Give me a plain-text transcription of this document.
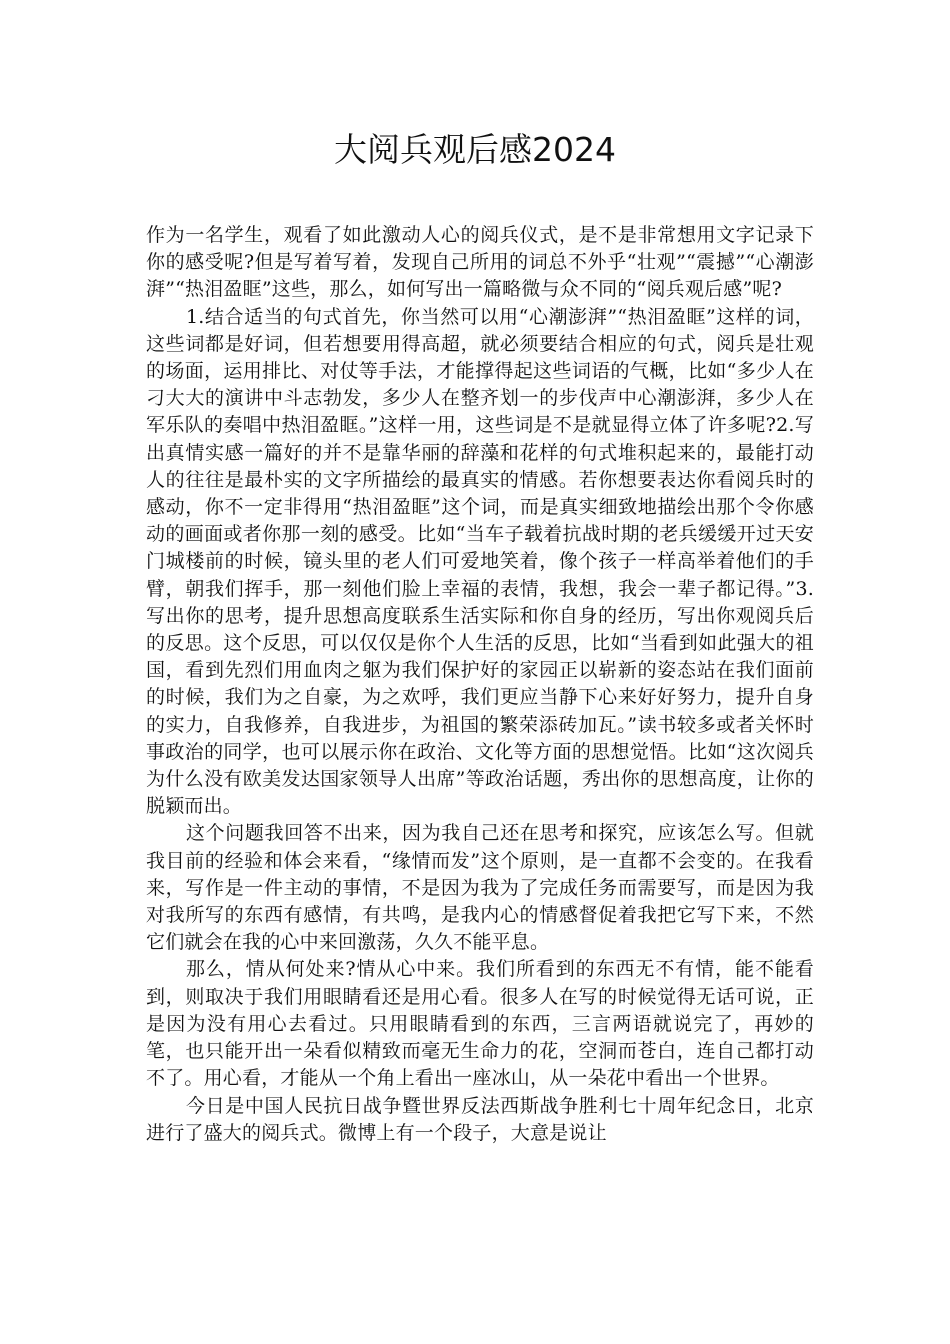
大阅兵观后感2024

作为一名学生，观看了如此激动人心的阅兵仪式，是不是非常想用文字记录下你的感受呢?但是写着写着，发现自己所用的词总不外乎“壮观”“震撼”“心潮澎湃”“热泪盈眶”这些，那么，如何写出一篇略微与众不同的“阅兵观后感”呢?

1.结合适当的句式首先，你当然可以用“心潮澎湃”“热泪盈眶”这样的词，这些词都是好词，但若想要用得高超，就必须要结合相应的句式，阅兵是壮观的场面，运用排比、对仗等手法，才能撑得起这些词语的气概，比如“多少人在刁大大的演讲中斗志勃发，多少人在整齐划一的步伐声中心潮澎湃，多少人在军乐队的奏唱中热泪盈眶。”这样一用，这些词是不是就显得立体了许多呢?2.写出真情实感一篇好的并不是靠华丽的辞藻和花样的句式堆积起来的，最能打动人的往往是最朴实的文字所描绘的最真实的情感。若你想要表达你看阅兵时的感动，你不一定非得用“热泪盈眶”这个词，而是真实细致地描绘出那个令你感动的画面或者你那一刻的感受。比如“当车子载着抗战时期的老兵缓缓开过天安门城楼前的时候，镜头里的老人们可爱地笑着，像个孩子一样高举着他们的手臂，朝我们挥手，那一刻他们脸上幸福的表情，我想，我会一辈子都记得。”3.写出你的思考，提升思想高度联系生活实际和你自身的经历，写出你观阅兵后的反思。这个反思，可以仅仅是你个人生活的反思，比如“当看到如此强大的祖国，看到先烈们用血肉之躯为我们保护好的家园正以崭新的姿态站在我们面前的时候，我们为之自豪，为之欢呼，我们更应当静下心来好好努力，提升自身的实力，自我修养，自我进步，为祖国的繁荣添砖加瓦。”读书较多或者关怀时事政治的同学，也可以展示你在政治、文化等方面的思想觉悟。比如“这次阅兵为什么没有欧美发达国家领导人出席”等政治话题，秀出你的思想高度，让你的脱颖而出。

这个问题我回答不出来，因为我自己还在思考和探究，应该怎么写。但就我目前的经验和体会来看，“缘情而发”这个原则，是一直都不会变的。在我看来，写作是一件主动的事情，不是因为我为了完成任务而需要写，而是因为我对我所写的东西有感情，有共鸣，是我内心的情感督促着我把它写下来，不然它们就会在我的心中来回激荡，久久不能平息。

那么，情从何处来?情从心中来。我们所看到的东西无不有情，能不能看到，则取决于我们用眼睛看还是用心看。很多人在写的时候觉得无话可说，正是因为没有用心去看过。只用眼睛看到的东西，三言两语就说完了，再妙的笔，也只能开出一朵看似精致而毫无生命力的花，空洞而苍白，连自己都打动不了。用心看，才能从一个角上看出一座冰山，从一朵花中看出一个世界。

今日是中国人民抗日战争暨世界反法西斯战争胜利七十周年纪念日，北京进行了盛大的阅兵式。微博上有一个段子，大意是说让
